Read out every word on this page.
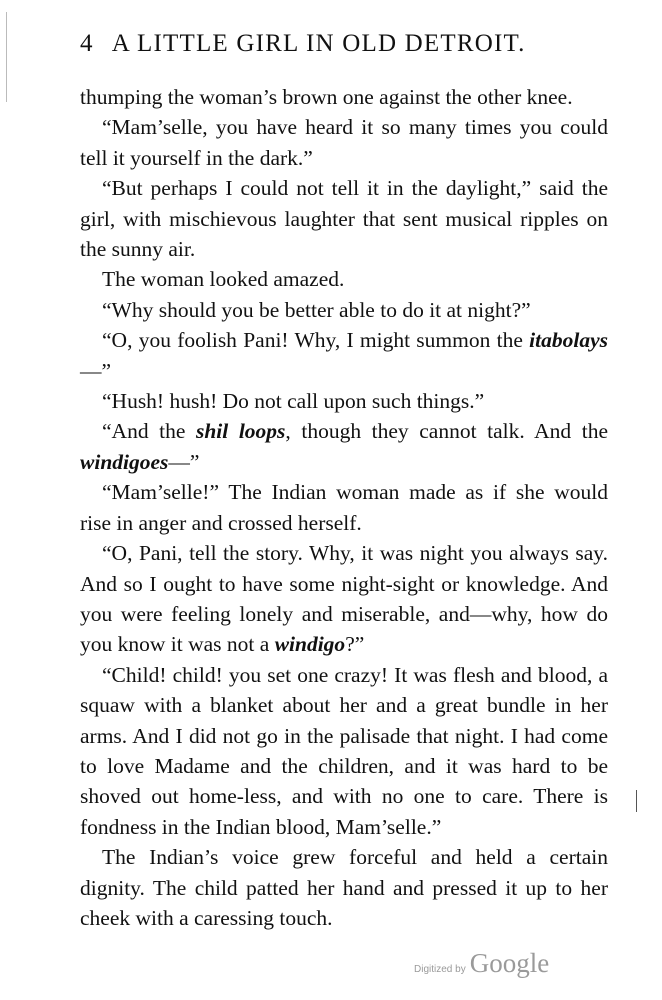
4 A LITTLE GIRL IN OLD DETROIT.

thumping the woman’s brown one against the other knee.

“Mam’selle, you have heard it so many times you could tell it yourself in the dark.”

“But perhaps I could not tell it in the daylight,” said the girl, with mischievous laughter that sent musical ripples on the sunny air.

The woman looked amazed.

“Why should you be better able to do it at night?”

“O, you foolish Pani! Why, I might summon the itabolays—”

“Hush! hush! Do not call upon such things.”

“And the shil loops, though they cannot talk. And the windigoes—”

“Mam’selle!” The Indian woman made as if she would rise in anger and crossed herself.

“O, Pani, tell the story. Why, it was night you always say. And so I ought to have some night-sight or knowledge. And you were feeling lonely and miserable, and—why, how do you know it was not a windigo?”

“Child! child! you set one crazy! It was flesh and blood, a squaw with a blanket about her and a great bundle in her arms. And I did not go in the palisade that night. I had come to love Madame and the children, and it was hard to be shoved out home-less, and with no one to care. There is fondness in the Indian blood, Mam’selle.”

The Indian’s voice grew forceful and held a certain dignity. The child patted her hand and pressed it up to her cheek with a caressing touch.

Digitized by Google
